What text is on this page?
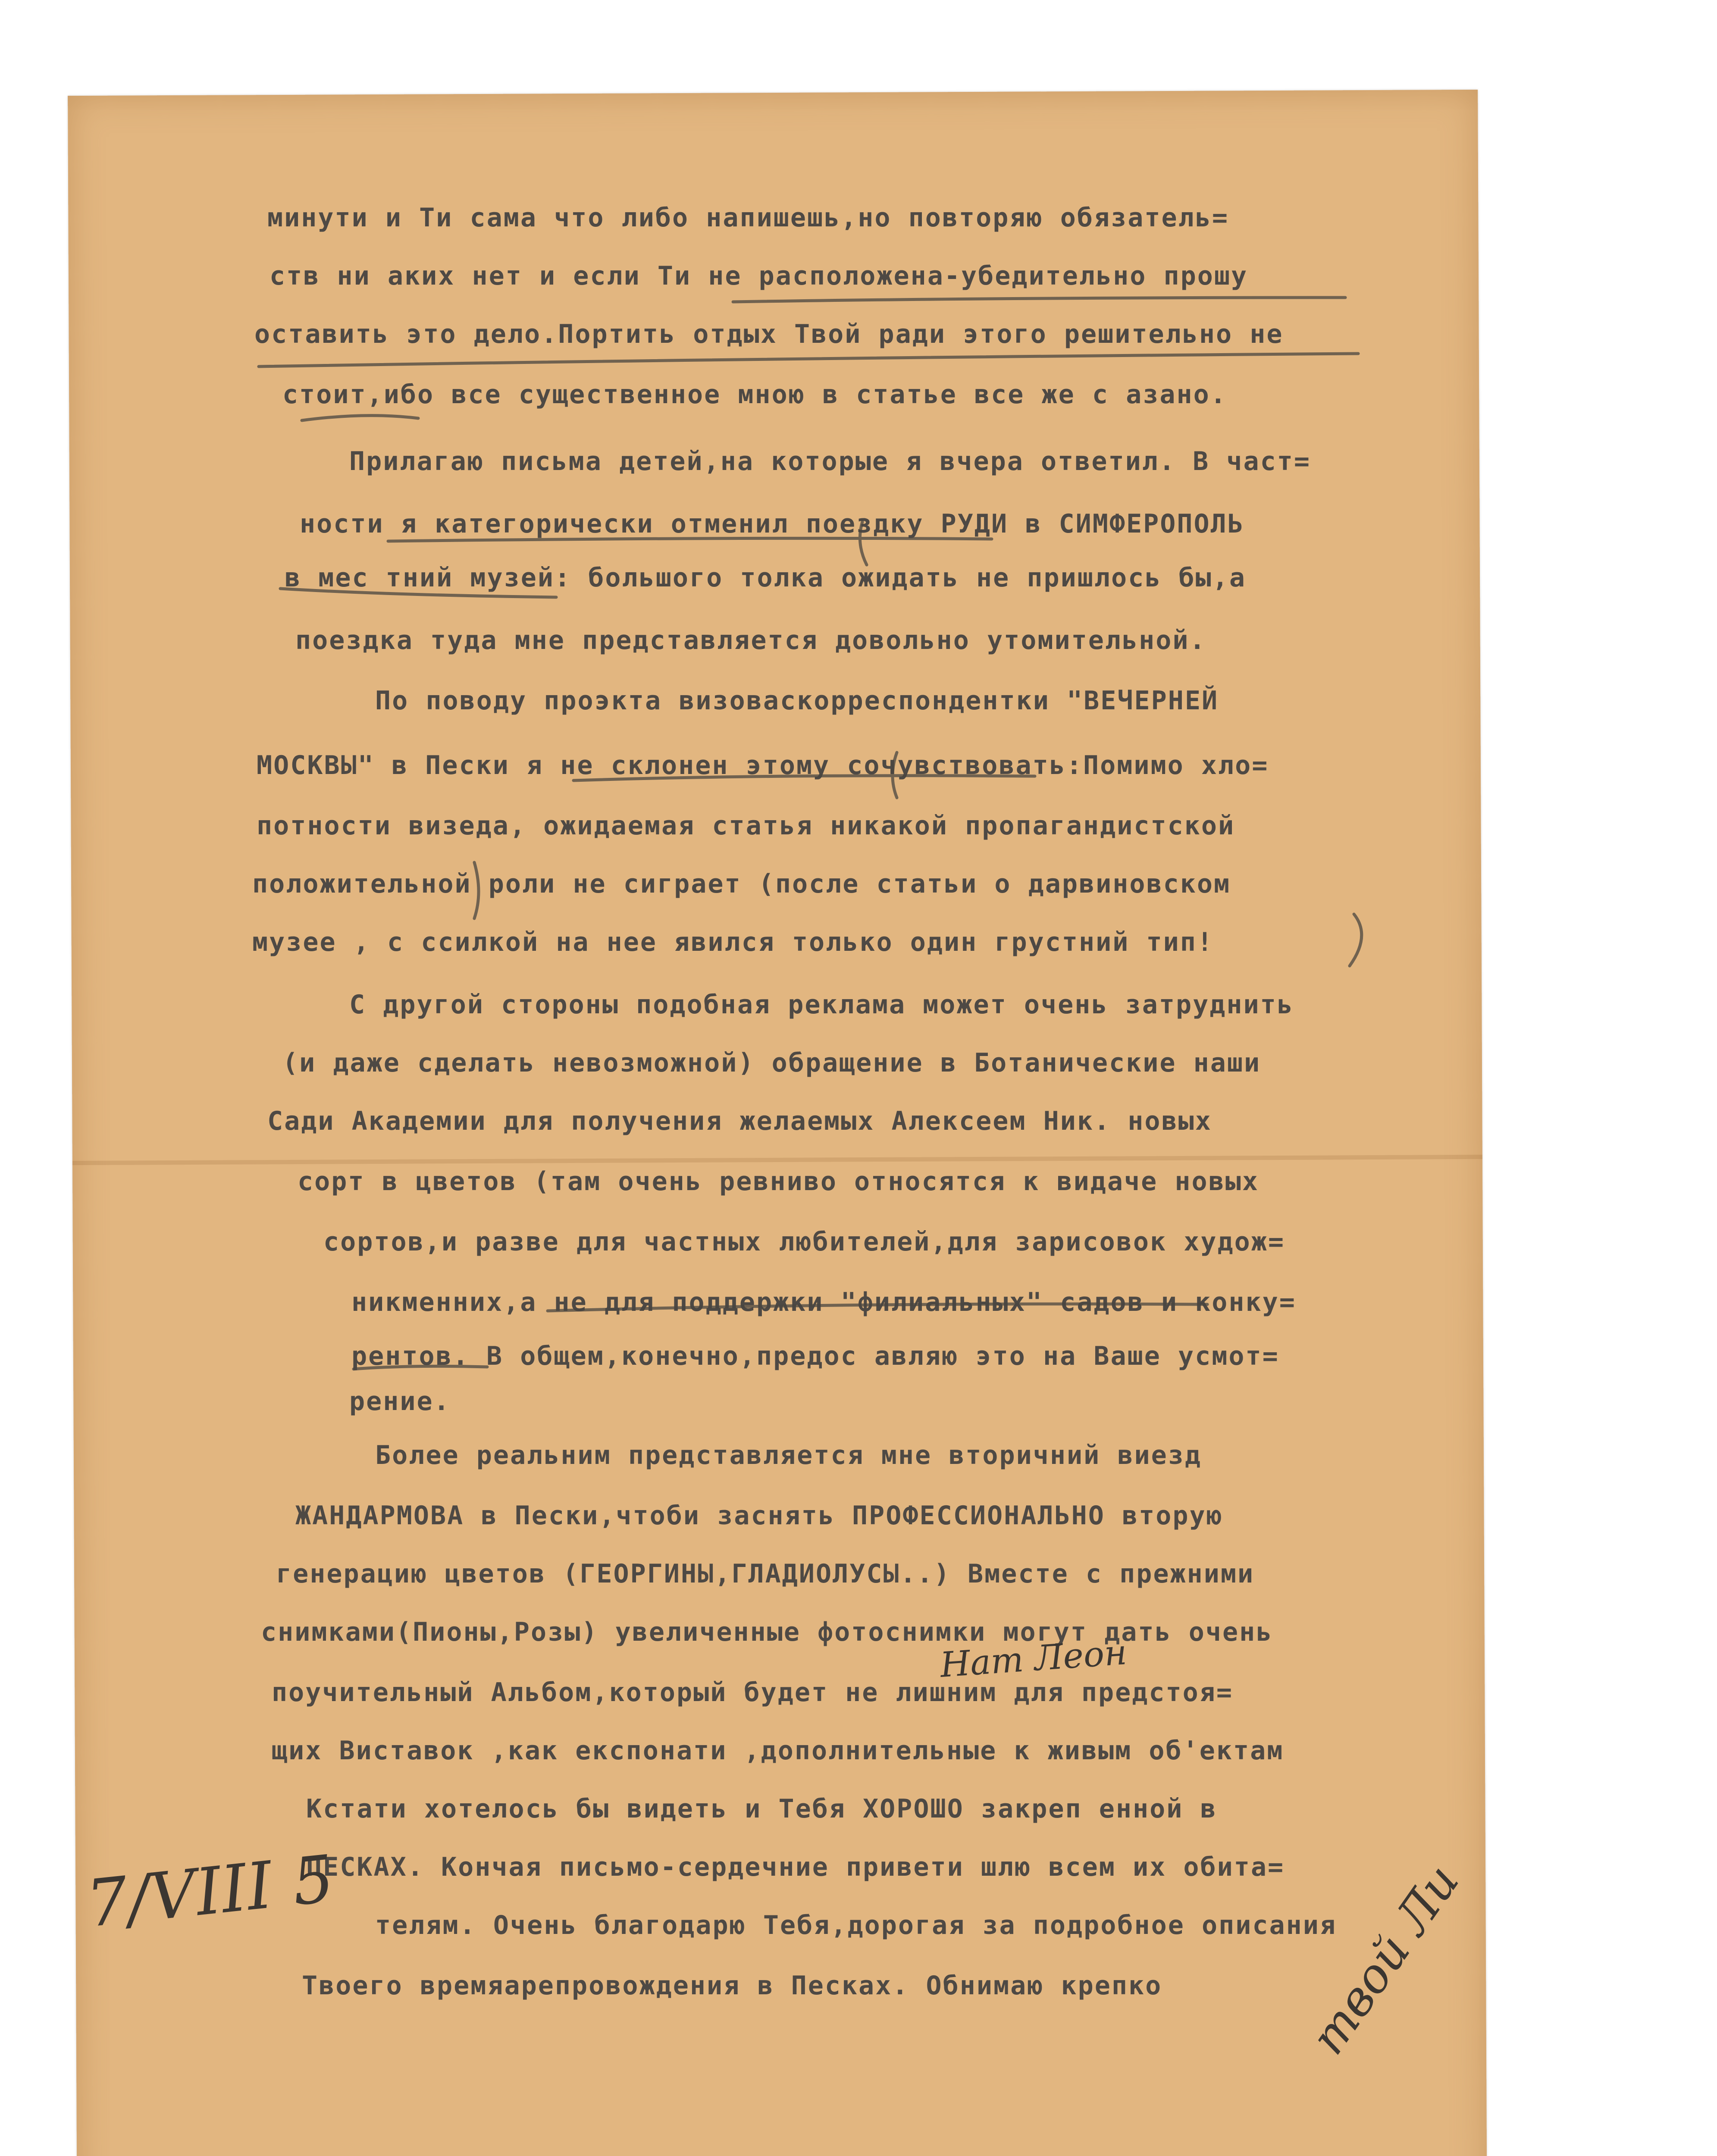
минути и Ти сама что либо напишешь,но повторяю обязатель=
ств ни аких нет и если Ти не расположена-убедительно прошу
оставить это дело.Портить отдых Твой ради этого решительно не
стоит,ибо все существенное мною в статье все же с азано.
Прилагаю письма детей,на которые я вчера ответил. В част=
ности я категорически отменил поездку РУДИ в СИМФЕРОПОЛЬ
в мес тний музей: большого толка ожидать не пришлось бы,а
поездка туда мне представляется довольно утомительной.
По поводу проэкта визоваскорреспондентки "ВЕЧЕРНЕЙ
МОСКВЫ" в Пески я не склонен этому сочувствовать:Помимо хло=
потности визеда, ожидаемая статья никакой пропагандистской
положительной роли не сиграет (после статьи о дарвиновском
музее , с ссилкой на нее явился только один грустний тип!
С другой стороны подобная реклама может очень затруднить
(и даже сделать невозможной) обращение в Ботанические наши
Сади Академии для получения желаемых Алексеем Ник. новых
сорт в цветов (там очень ревниво относятся к видаче новых
сортов,и разве для частных любителей,для зарисовок худож=
никменних,а не для поддержки "филиальных" садов и конку=
рентов. В общем,конечно,предос авляю это на Ваше усмот=
рение.
Более реальним представляется мне вторичний виезд
ЖАНДАРМОВА в Пески,чтоби заснять ПРОФЕССИОНАЛЬНО вторую
генерацию цветов (ГЕОРГИНЫ,ГЛАДИОЛУСЫ..) Вместе с прежними
снимками(Пионы,Розы) увеличенные фотоснимки могут дать очень
поучительный Альбом,который будет не лишним для предстоя=
щих Виставок ,как експонати ,дополнительные к живым об'ектам
Кстати хотелось бы видеть и Тебя ХОРОШО закреп енной в
ПЕСКАХ. Кончая письмо-сердечние привети шлю всем их обита=
телям. Очень благодарю Тебя,дорогая за подробное описания
Твоего времяарепровождения в Песках. Обнимаю крепко
7/VIII 5
Нат Леон
твой Ли
